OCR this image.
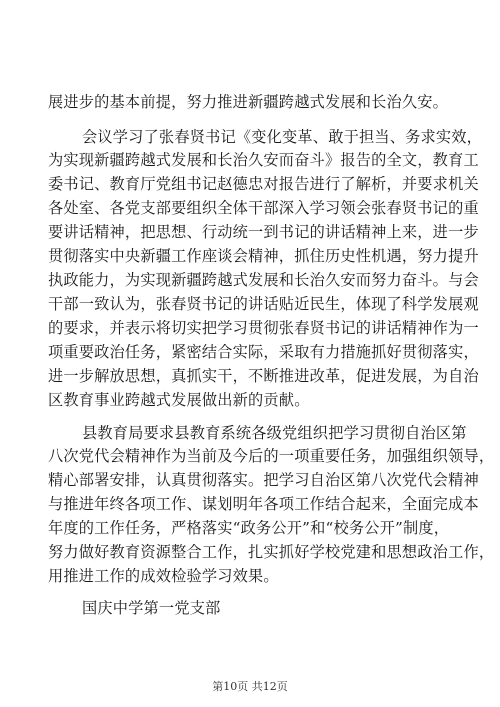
展进步的基本前提，努力推进新疆跨越式发展和长治久安。
会议学习了张春贤书记《变化变革、敢于担当、务求实效，
为实现新疆跨越式发展和长治久安而奋斗》报告的全文，教育工
委书记、教育厅党组书记赵德忠对报告进行了解析，并要求机关
各处室、各党支部要组织全体干部深入学习领会张春贤书记的重
要讲话精神，把思想、行动统一到书记的讲话精神上来，进一步
贯彻落实中央新疆工作座谈会精神，抓住历史性机遇，努力提升
执政能力，为实现新疆跨越式发展和长治久安而努力奋斗。与会
干部一致认为，张春贤书记的讲话贴近民生，体现了科学发展观
的要求，并表示将切实把学习贯彻张春贤书记的讲话精神作为一
项重要政治任务，紧密结合实际，采取有力措施抓好贯彻落实，
进一步解放思想，真抓实干，不断推进改革，促进发展，为自治
区教育事业跨越式发展做出新的贡献。
县教育局要求县教育系统各级党组织把学习贯彻自治区第
八次党代会精神作为当前及今后的一项重要任务，加强组织领导，
精心部署安排，认真贯彻落实。把学习自治区第八次党代会精神
与推进年终各项工作、谋划明年各项工作结合起来，全面完成本
年度的工作任务，严格落实“政务公开”和“校务公开”制度，
努力做好教育资源整合工作，扎实抓好学校党建和思想政治工作，
用推进工作的成效检验学习效果。
国庆中学第一党支部
第10页 共12页
